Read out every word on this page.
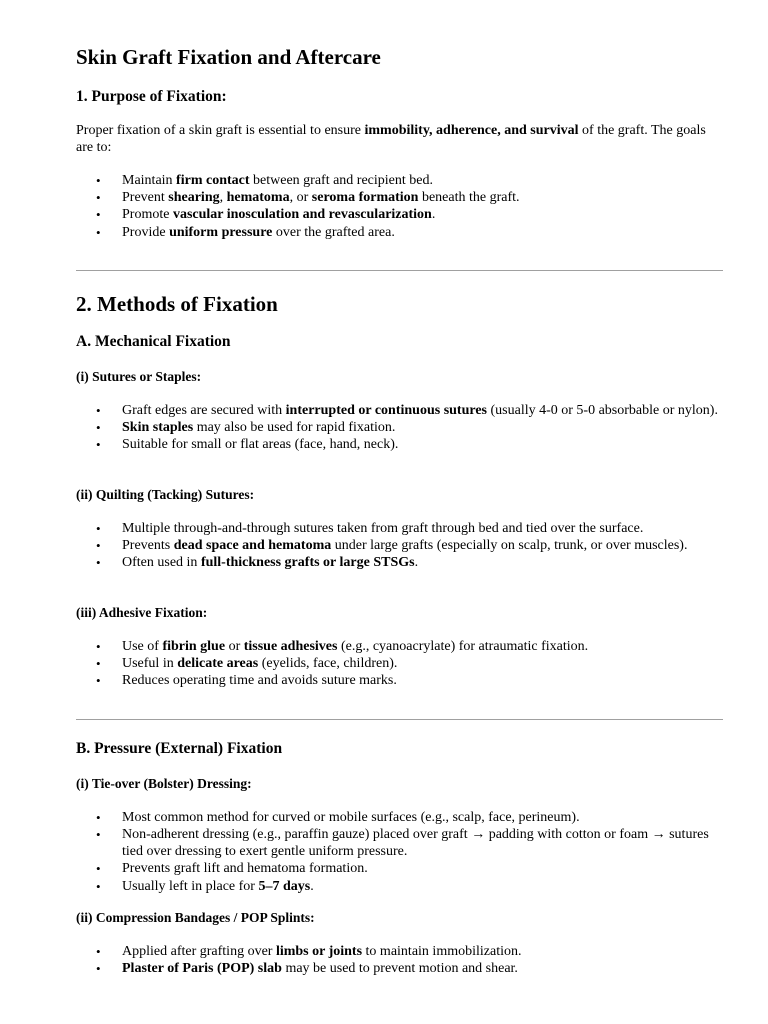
Skin Graft Fixation and Aftercare
1. Purpose of Fixation:

Proper fixation of a skin graft is essential to ensure immobility, adherence, and survival of the graft. The goals are to:

• Maintain firm contact between graft and recipient bed.
• Prevent shearing, hematoma, or seroma formation beneath the graft.
• Promote vascular inosculation and revascularization.
• Provide uniform pressure over the grafted area.
2. Methods of Fixation
A. Mechanical Fixation
(i) Sutures or Staples:
• Graft edges are secured with interrupted or continuous sutures (usually 4-0 or 5-0 absorbable or nylon).
• Skin staples may also be used for rapid fixation.
• Suitable for small or flat areas (face, hand, neck).
(ii) Quilting (Tacking) Sutures:
• Multiple through-and-through sutures taken from graft through bed and tied over the surface.
• Prevents dead space and hematoma under large grafts (especially on scalp, trunk, or over muscles).
• Often used in full-thickness grafts or large STSGs.
(iii) Adhesive Fixation:
• Use of fibrin glue or tissue adhesives (e.g., cyanoacrylate) for atraumatic fixation.
• Useful in delicate areas (eyelids, face, children).
• Reduces operating time and avoids suture marks.
B. Pressure (External) Fixation
(i) Tie-over (Bolster) Dressing:
• Most common method for curved or mobile surfaces (e.g., scalp, face, perineum).
• Non-adherent dressing (e.g., paraffin gauze) placed over graft → padding with cotton or foam → sutures tied over dressing to exert gentle uniform pressure.
• Prevents graft lift and hematoma formation.
• Usually left in place for 5–7 days.
(ii) Compression Bandages / POP Splints:
• Applied after grafting over limbs or joints to maintain immobilization.
• Plaster of Paris (POP) slab may be used to prevent motion and shear.
